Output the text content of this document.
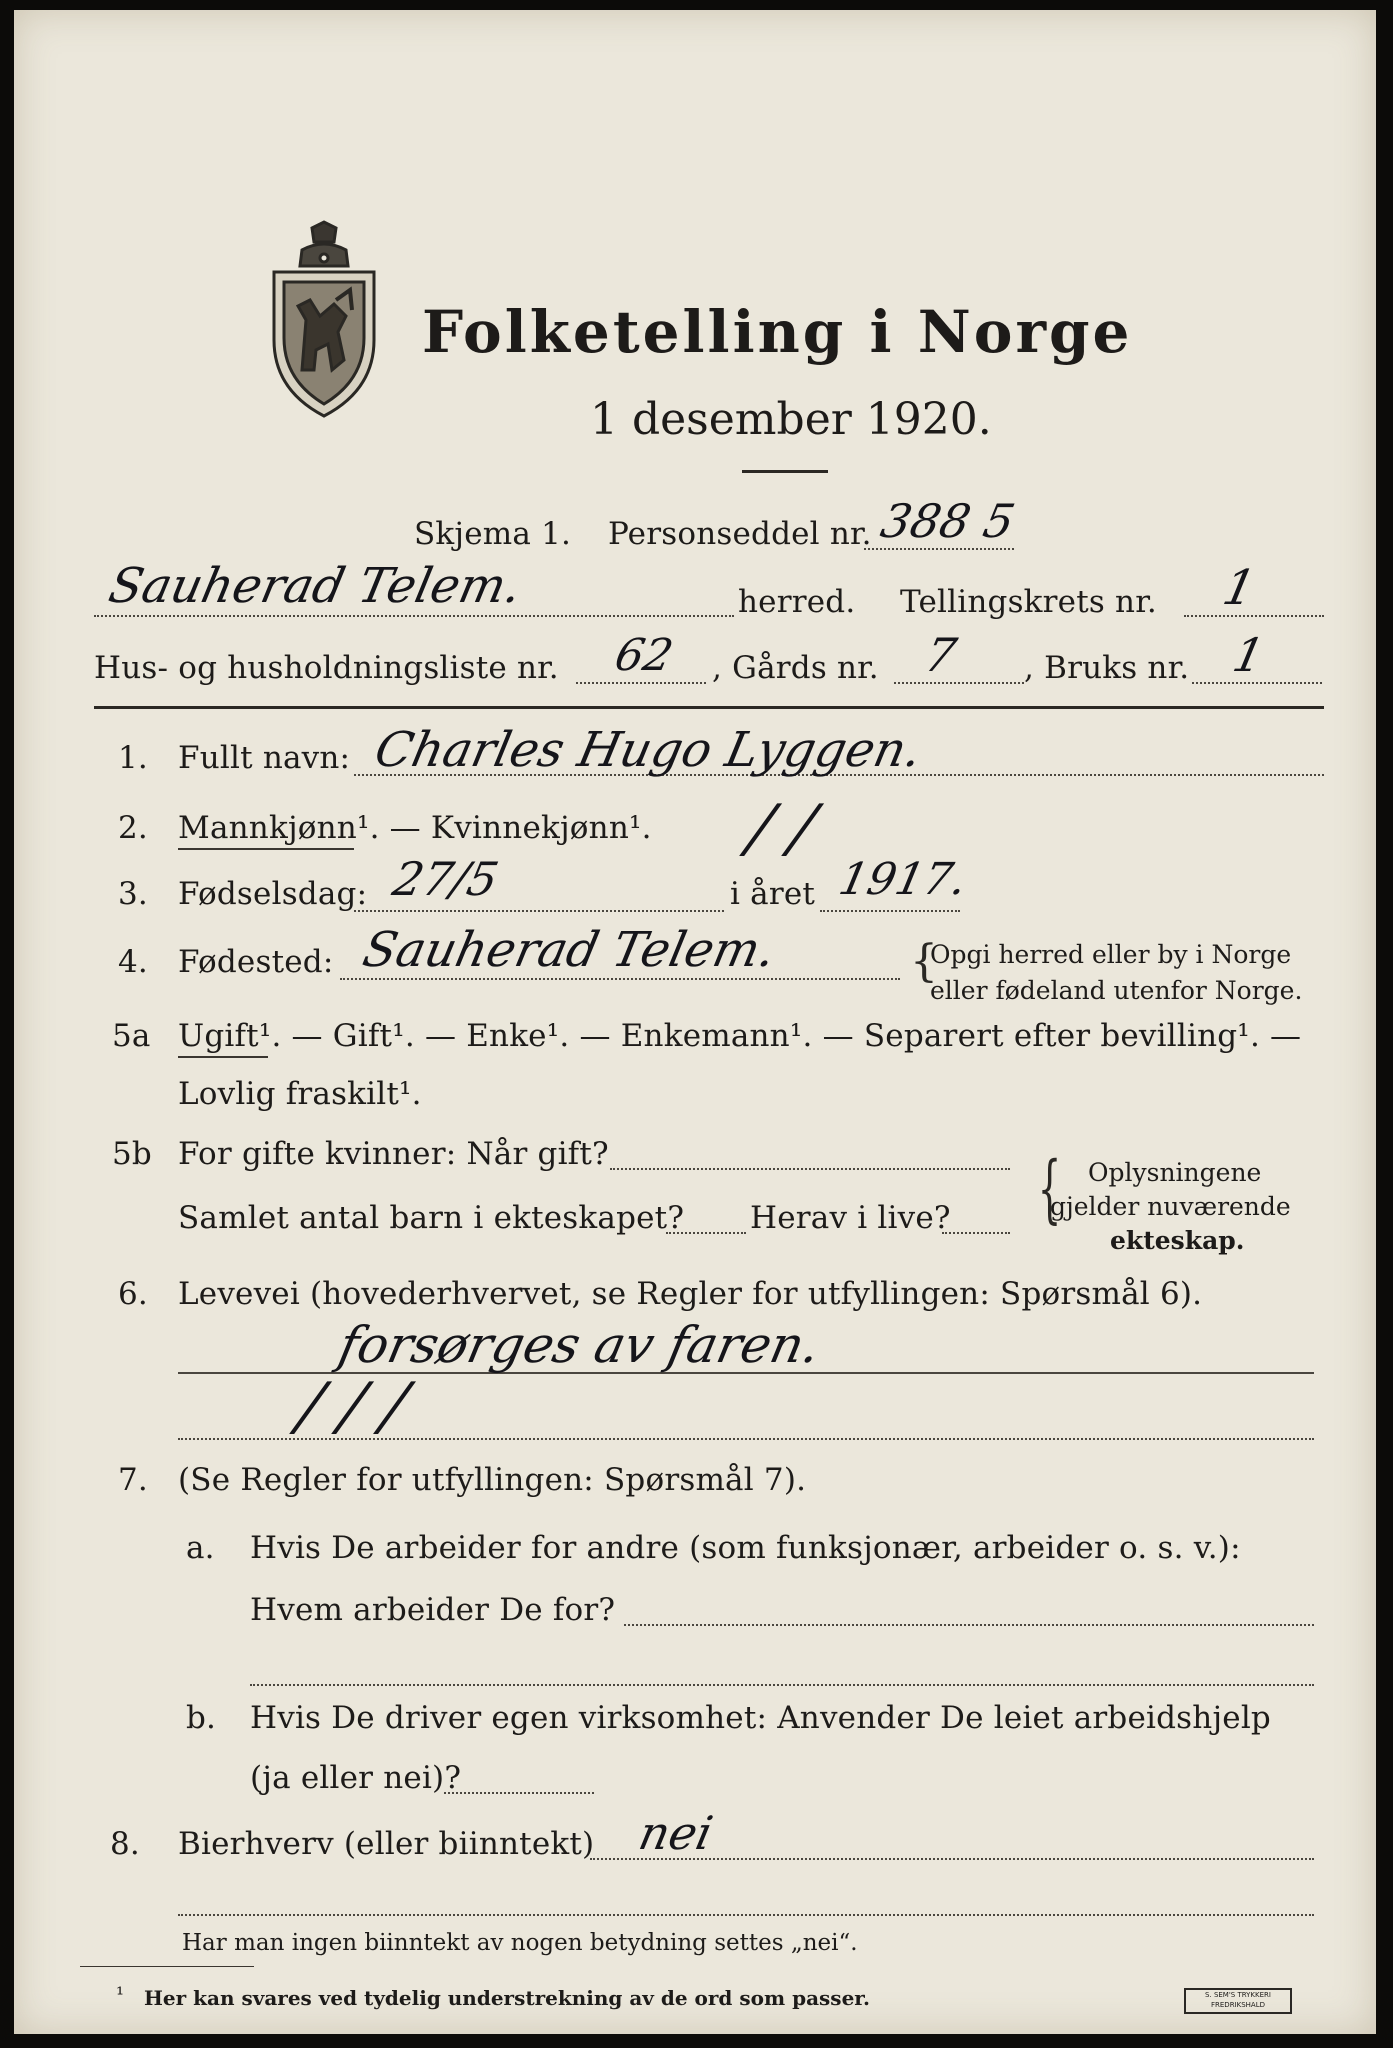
Folketelling i Norge
1 desember 1920.
Skjema 1. Personseddel nr. 388 5
Sauherad Telem.	herred. Tellingskrets nr. 1
Hus- og husholdningsliste nr. 62 , Gårds nr. 7 , Bruks nr. 1
1. Fullt navn: Charles Hugo Lyggen.
2. Mannkjønn¹. — Kvinnekjønn¹. / /
3. Fødselsdag: 27/5	i året 1917.
4. Fødested: Sauherad Telem.	{
Opgi herred eller by i Norge
eller fødeland utenfor Norge.
5a Ugift¹. — Gift¹. — Enke¹. — Enkemann¹. — Separert efter bevilling¹. —
Lovlig fraskilt¹.
5b For gifte kvinner: Når gift?
Samlet antal barn i ekteskapet? Herav i live? { Oplysningene
gjelder nuværende
ekteskap.
6. Levevei (hovederhvervet, se Regler for utfyllingen: Spørsmål 6).
forsørges av faren.
/ / /
7. (Se Regler for utfyllingen: Spørsmål 7).
a. Hvis De arbeider for andre (som funksjonær, arbeider o. s. v.):
Hvem arbeider De for?
b. Hvis De driver egen virksomhet: Anvender De leiet arbeidshjelp
(ja eller nei)?
8. Bierhverv (eller biinntekt) nei
Har man ingen biinntekt av nogen betydning settes „nei“.
¹ Her kan svares ved tydelig understrekning av de ord som passer.	S. SEM'S TRYKKERI FREDRIKSHALD
